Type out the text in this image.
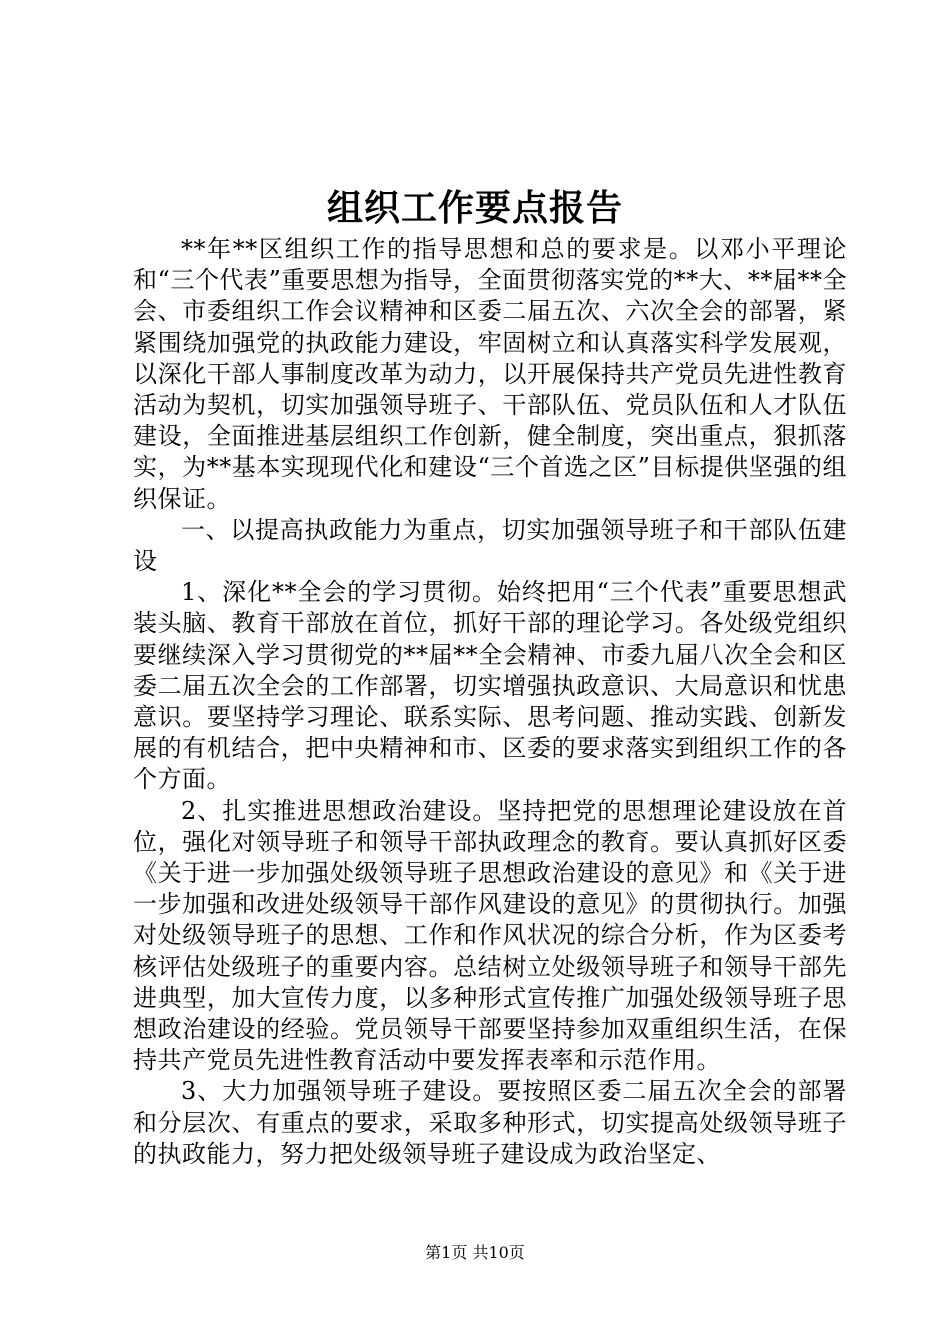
组织工作要点报告

**年**区组织工作的指导思想和总的要求是。以邓小平理论和“三个代表”重要思想为指导，全面贯彻落实党的**大、**届**全会、市委组织工作会议精神和区委二届五次、六次全会的部署，紧紧围绕加强党的执政能力建设，牢固树立和认真落实科学发展观，以深化干部人事制度改革为动力，以开展保持共产党员先进性教育活动为契机，切实加强领导班子、干部队伍、党员队伍和人才队伍建设，全面推进基层组织工作创新，健全制度，突出重点，狠抓落实，为**基本实现现代化和建设“三个首选之区”目标提供坚强的组织保证。

一、以提高执政能力为重点，切实加强领导班子和干部队伍建设

1、深化**全会的学习贯彻。始终把用“三个代表”重要思想武装头脑、教育干部放在首位，抓好干部的理论学习。各处级党组织要继续深入学习贯彻党的**届**全会精神、市委九届八次全会和区委二届五次全会的工作部署，切实增强执政意识、大局意识和忧患意识。要坚持学习理论、联系实际、思考问题、推动实践、创新发展的有机结合，把中央精神和市、区委的要求落实到组织工作的各个方面。

2、扎实推进思想政治建设。坚持把党的思想理论建设放在首位，强化对领导班子和领导干部执政理念的教育。要认真抓好区委《关于进一步加强处级领导班子思想政治建设的意见》和《关于进一步加强和改进处级领导干部作风建设的意见》的贯彻执行。加强对处级领导班子的思想、工作和作风状况的综合分析，作为区委考核评估处级班子的重要内容。总结树立处级领导班子和领导干部先进典型，加大宣传力度，以多种形式宣传推广加强处级领导班子思想政治建设的经验。党员领导干部要坚持参加双重组织生活，在保持共产党员先进性教育活动中要发挥表率和示范作用。

3、大力加强领导班子建设。要按照区委二届五次全会的部署和分层次、有重点的要求，采取多种形式，切实提高处级领导班子的执政能力，努力把处级领导班子建设成为政治坚定、

第1页 共10页
